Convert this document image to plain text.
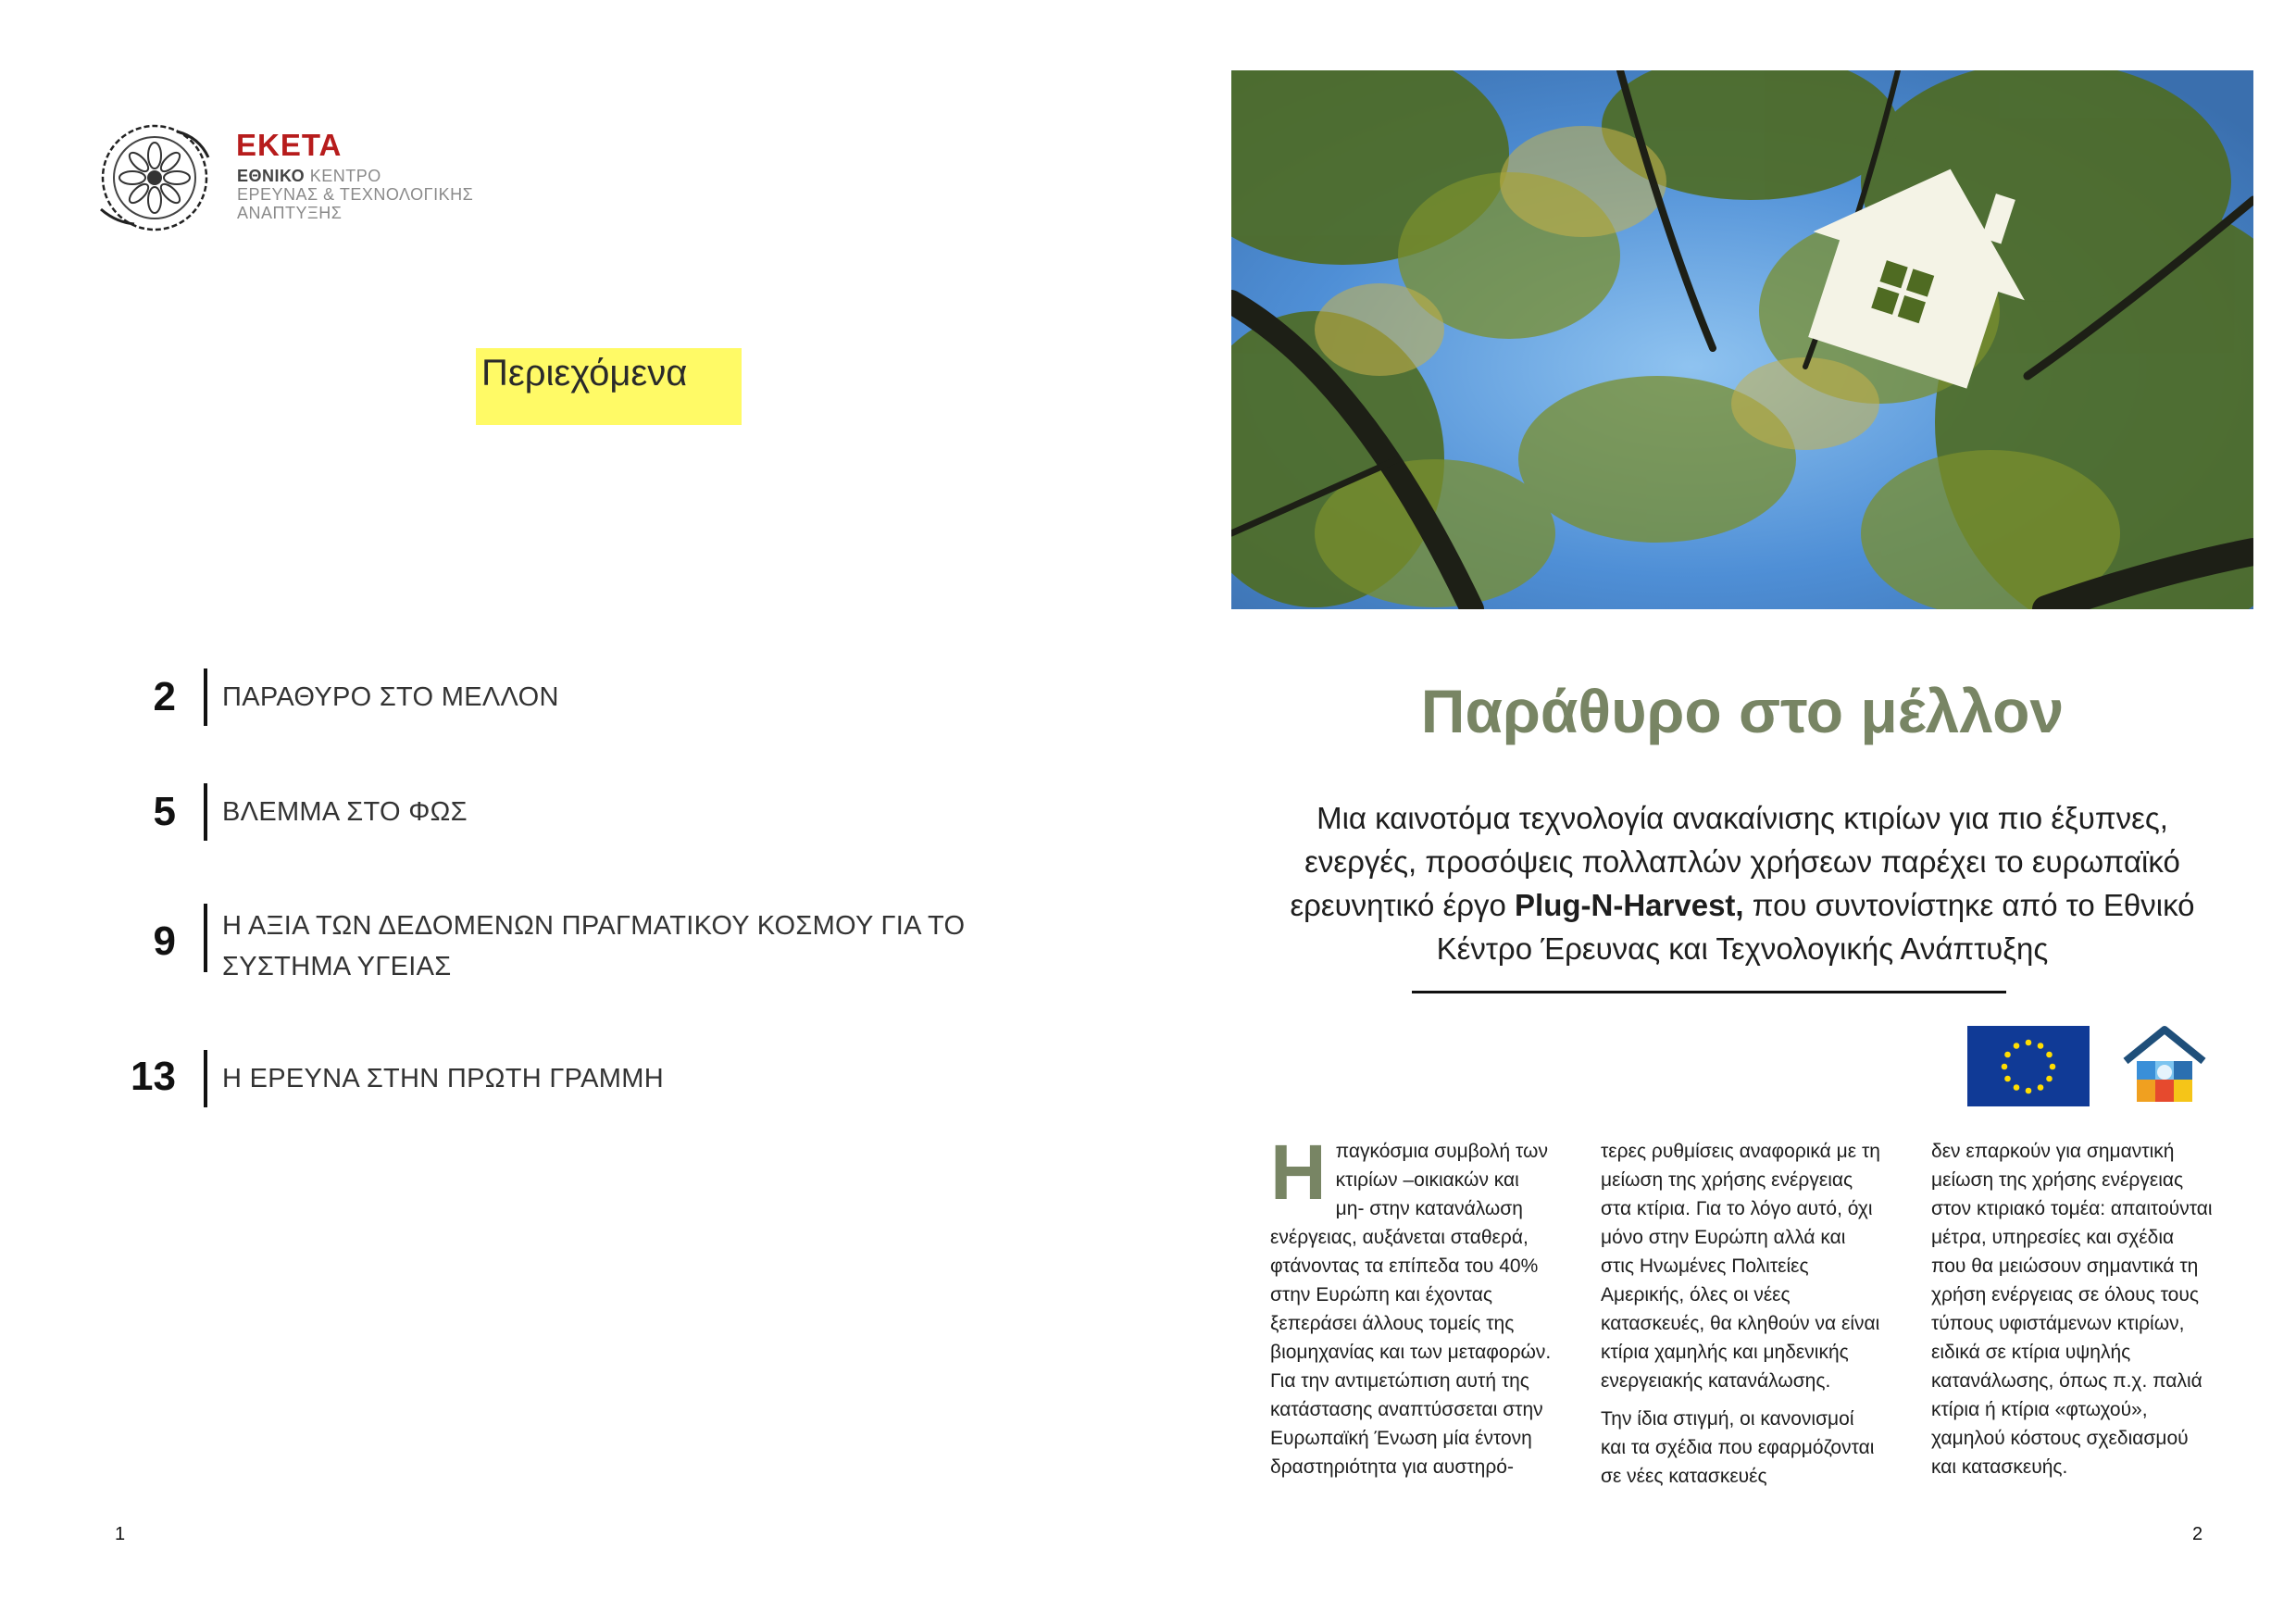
ΕΚΕΤΑ
ΕΘΝΙΚΟ ΚΕΝΤΡΟ
ΕΡΕΥΝΑΣ & ΤΕΧΝΟΛΟΓΙΚΗΣ
ΑΝΑΠΤΥΞΗΣ
Περιεχόμενα
2 ΠΑΡΑΘΥΡΟ ΣΤΟ ΜΕΛΛΟΝ
5 ΒΛΕΜΜΑ ΣΤΟ ΦΩΣ
9 Η ΑΞΙΑ ΤΩΝ ΔΕΔΟΜΕΝΩΝ ΠΡΑΓΜΑΤΙΚΟΥ ΚΟΣΜΟΥ ΓΙΑ ΤΟ
ΣΥΣΤΗΜΑ ΥΓΕΙΑΣ
13 Η ΕΡΕΥΝΑ ΣΤΗΝ ΠΡΩΤΗ ΓΡΑΜΜΗ
1
Παράθυρο στο μέλλον
Μια καινοτόμα τεχνολογία ανακαίνισης κτιρίων για πιο έξυπνες, ενεργές, προσόψεις πολλαπλών χρήσεων παρέχει το ευρωπαϊκό ερευνητικό έργο Plug-N-Harvest, που συντονίστηκε από το Εθνικό Κέντρο Έρευνας και Τεχνολογικής Ανάπτυξης
Ηπαγκόσμια συμβολή των κτιρίων –οικιακών και μη- στην κατανάλωση ενέργειας, αυξάνεται σταθερά, φτάνοντας τα επίπεδα του 40% στην Ευρώπη και έχοντας ξεπεράσει άλλους τομείς της βιομηχανίας και των μεταφορών. Για την αντιμετώπιση αυτή της κατάστασης αναπτύσσεται στην Ευρωπαϊκή Ένωση μία έντονη δραστηριότητα για αυστηρό-

τερες ρυθμίσεις αναφορικά με τη μείωση της χρήσης ενέργειας στα κτίρια. Για το λόγο αυτό, όχι μόνο στην Ευρώπη αλλά και στις Ηνωμένες Πολιτείες Αμερικής, όλες οι νέες κατασκευές, θα κληθούν να είναι κτίρια χαμηλής και μηδενικής ενεργειακής κατανάλωσης.

Την ίδια στιγμή, οι κανονισμοί και τα σχέδια που εφαρμόζονται σε νέες κατασκευές

δεν επαρκούν για σημαντική μείωση της χρήσης ενέργειας στον κτιριακό τομέα: απαιτούνται μέτρα, υπηρεσίες και σχέδια που θα μειώσουν σημαντικά τη χρήση ενέργειας σε όλους τους τύπους υφιστάμενων κτιρίων, ειδικά σε κτίρια υψηλής κατανάλωσης, όπως π.χ. παλιά κτίρια ή κτίρια «φτωχού», χαμηλού κόστους σχεδιασμού και κατασκευής.

2
